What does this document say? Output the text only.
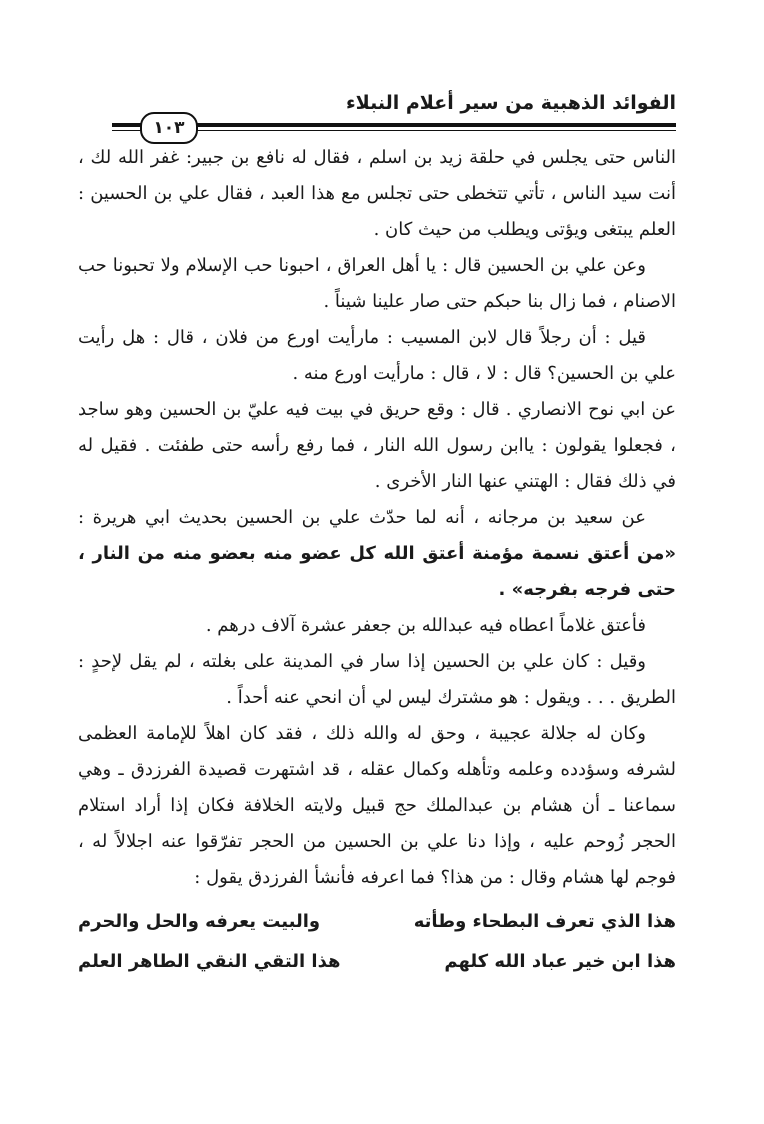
الفوائد الذهبية من سير أعلام النبلاء
١٠٣

الناس حتى يجلس في حلقة زيد بن اسلم ، فقال له نافع بن جبير: غفر الله لك ، أنت سيد الناس ، تأتي تتخطى حتى تجلس مع هذا العبد ، فقال علي بن الحسين : العلم يبتغى ويؤتى ويطلب من حيث كان .

وعن علي بن الحسين قال : يا أهل العراق ، احبونا حب الإسلام ولا تحبونا حب الاصنام ، فما زال بنا حبكم حتى صار علينا شيناً .

قيل : أن رجلاً قال لابن المسيب : مارأيت اورع من فلان ، قال : هل رأيت علي بن الحسين؟ قال : لا ، قال : مارأيت اورع منه .

عن ابي نوح الانصاري . قال : وقع حريق في بيت فيه عليّ بن الحسين وهو ساجد ، فجعلوا يقولون : ياابن رسول الله النار ، فما رفع رأسه حتى طفئت . فقيل له في ذلك فقال : الهتني عنها النار الأخرى .

عن سعيد بن مرجانه ، أنه لما حدّث علي بن الحسين بحديث ابي هريرة : «من أعتق نسمة مؤمنة أعتق الله كل عضو منه بعضو منه من النار ، حتى فرجه بفرجه» .

فأعتق غلاماً اعطاه فيه عبدالله بن جعفر عشرة آلاف درهم .

وقيل : كان علي بن الحسين إذا سار في المدينة على بغلته ، لم يقل لإحدٍ : الطريق . . . ويقول : هو مشترك ليس لي أن انحي عنه أحداً .

وكان له جلالة عجيبة ، وحق له والله ذلك ، فقد كان اهلاً للإمامة العظمى لشرفه وسؤدده وعلمه وتأهله وكمال عقله ، قد اشتهرت قصيدة الفرزدق ـ وهي سماعنا ـ أن هشام بن عبدالملك حج قبيل ولايته الخلافة فكان إذا أراد استلام الحجر زُوحم عليه ، وإذا دنا علي بن الحسين من الحجر تفرّقوا عنه اجلالاً له ، فوجم لها هشام وقال : من هذا؟ فما اعرفه فأنشأ الفرزدق يقول :

هذا الذي تعرف البطحاء وطأته
والبيت يعرفه والحل والحرم
هذا ابن خير عباد الله كلهم
هذا التقي النقي الطاهر العلم
